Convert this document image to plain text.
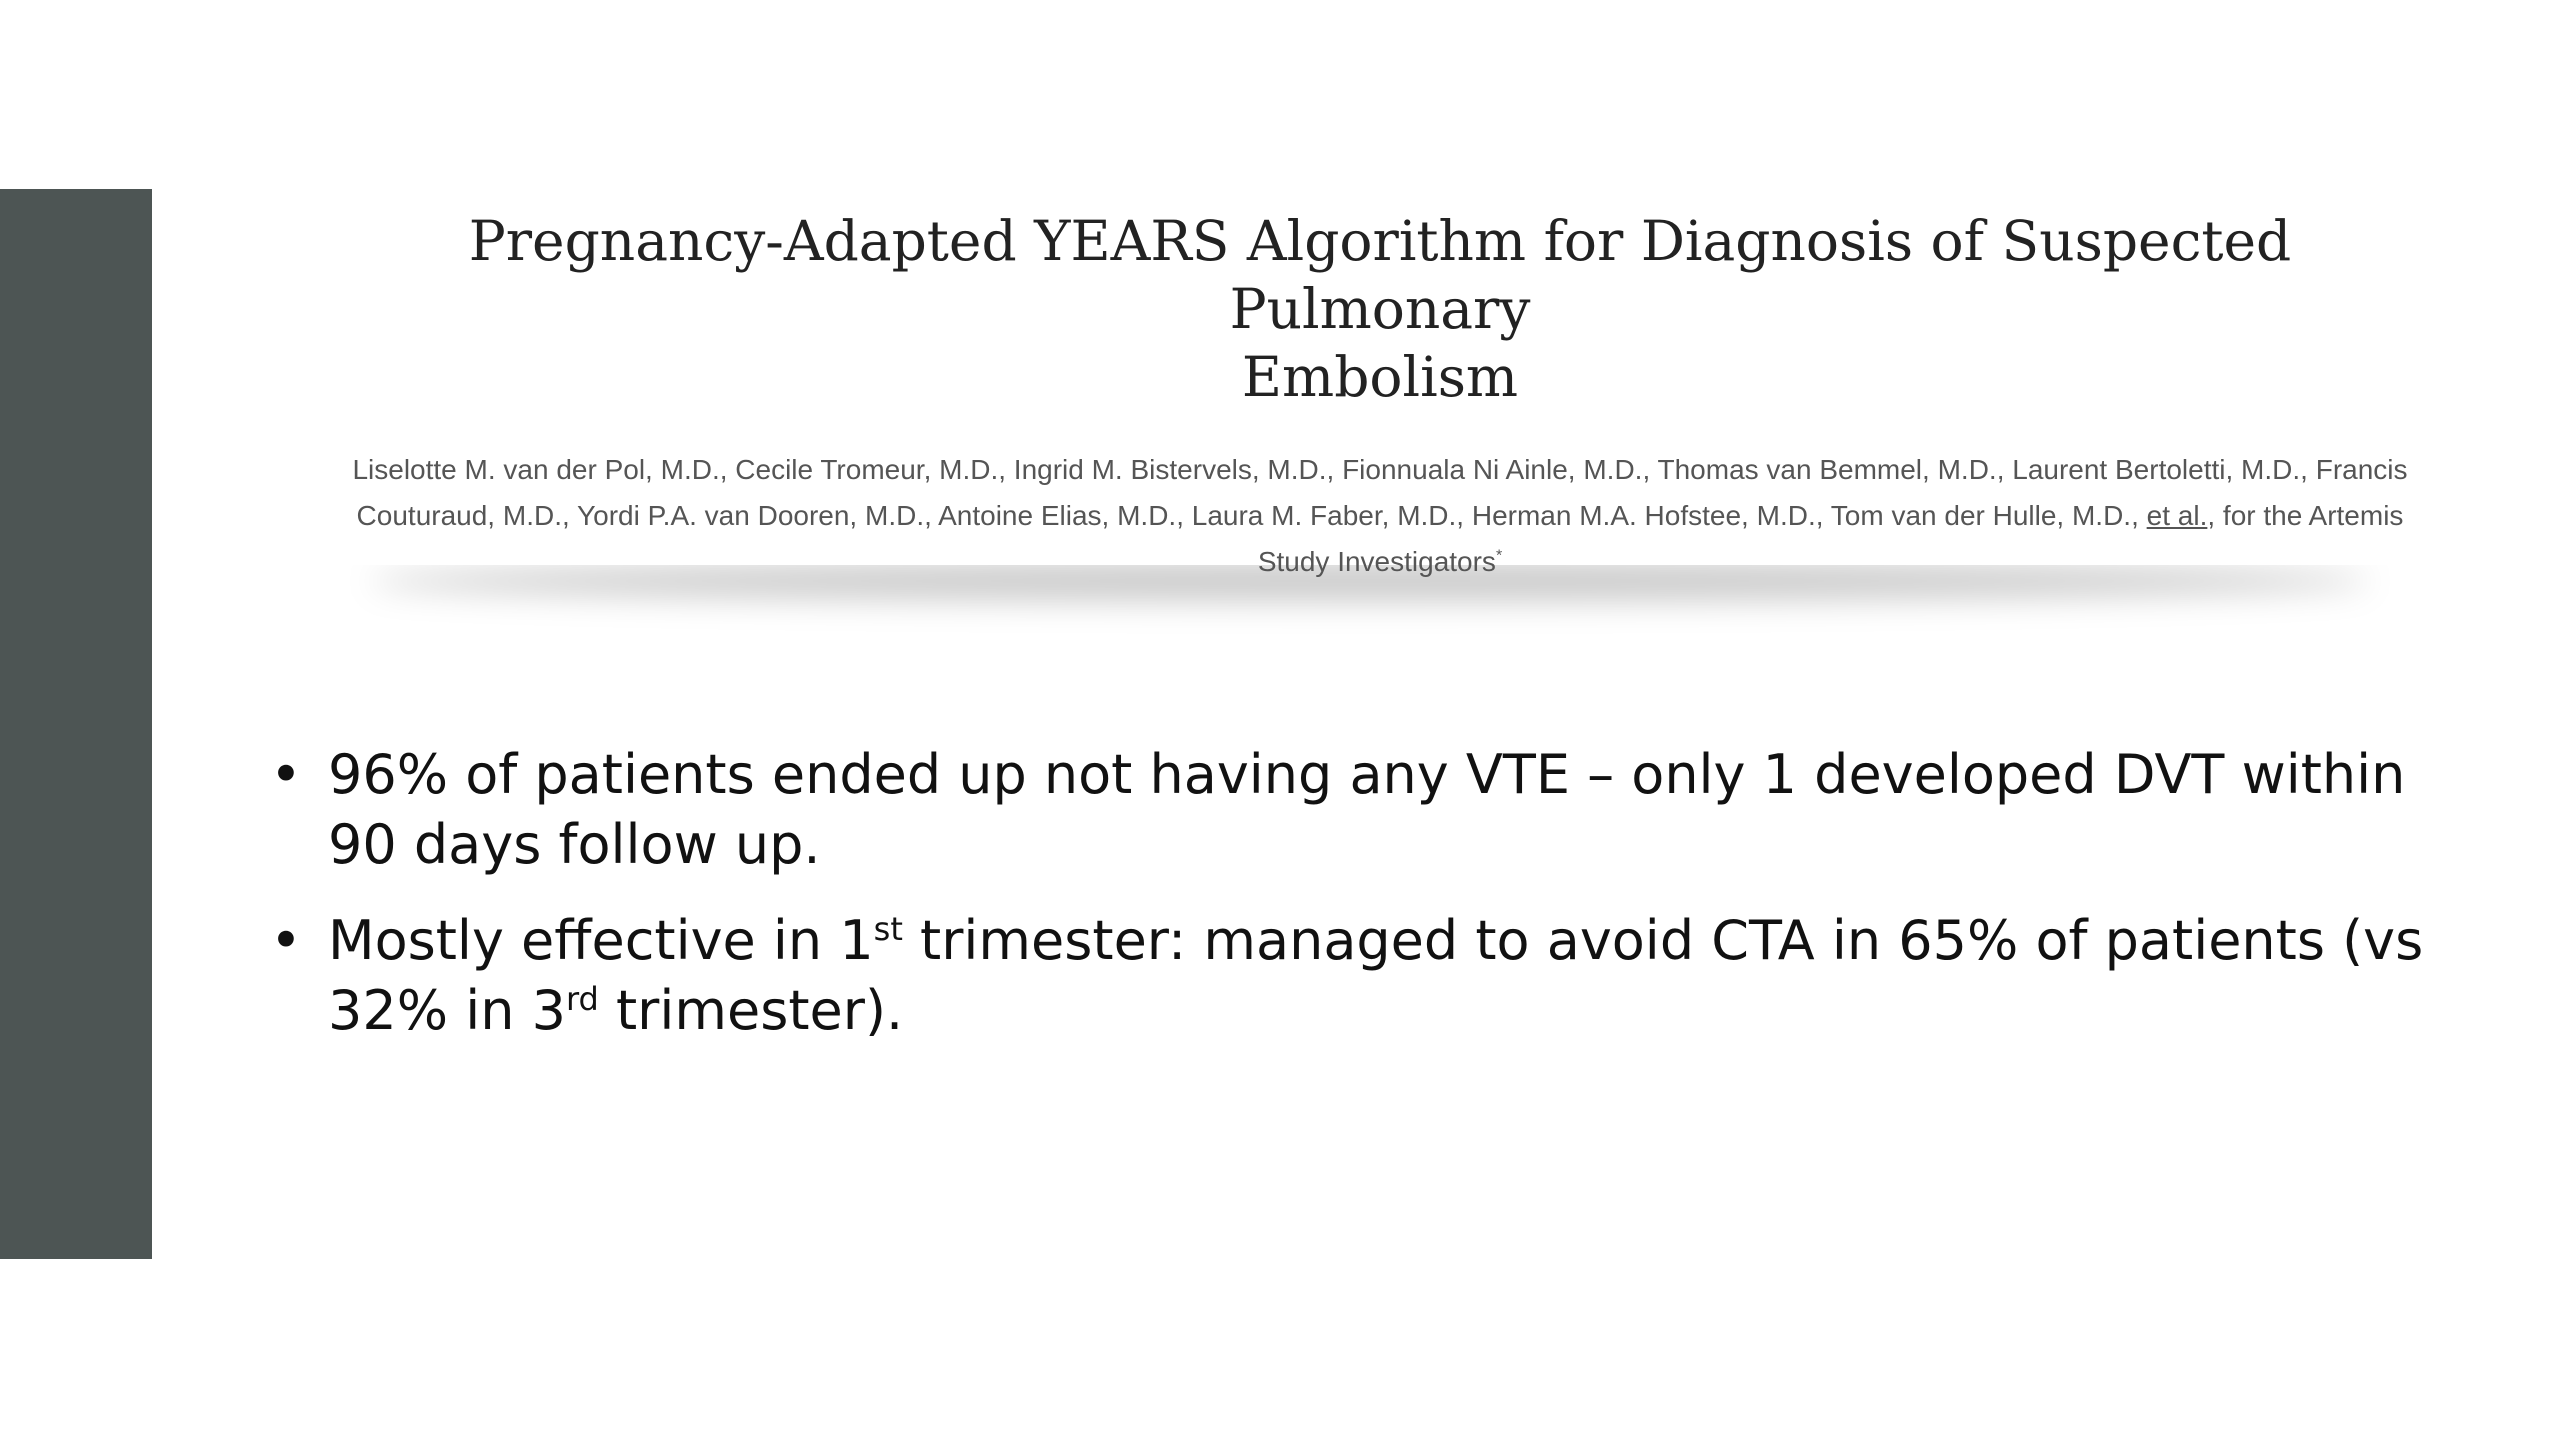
Pregnancy-Adapted YEARS Algorithm for Diagnosis of Suspected Pulmonary
Embolism
Liselotte M. van der Pol, M.D., Cecile Tromeur, M.D., Ingrid M. Bistervels, M.D., Fionnuala Ni Ainle, M.D., Thomas van Bemmel, M.D., Laurent Bertoletti, M.D., Francis Couturaud, M.D., Yordi P.A. van Dooren, M.D., Antoine Elias, M.D., Laura M. Faber, M.D., Herman M.A. Hofstee, M.D., Tom van der Hulle, M.D., et al., for the Artemis Study Investigators*
• 96% of patients ended up not having any VTE – only 1 developed DVT within 90 days follow up.
• Mostly effective in 1st trimester: managed to avoid CTA in 65% of patients (vs 32% in 3rd trimester).
